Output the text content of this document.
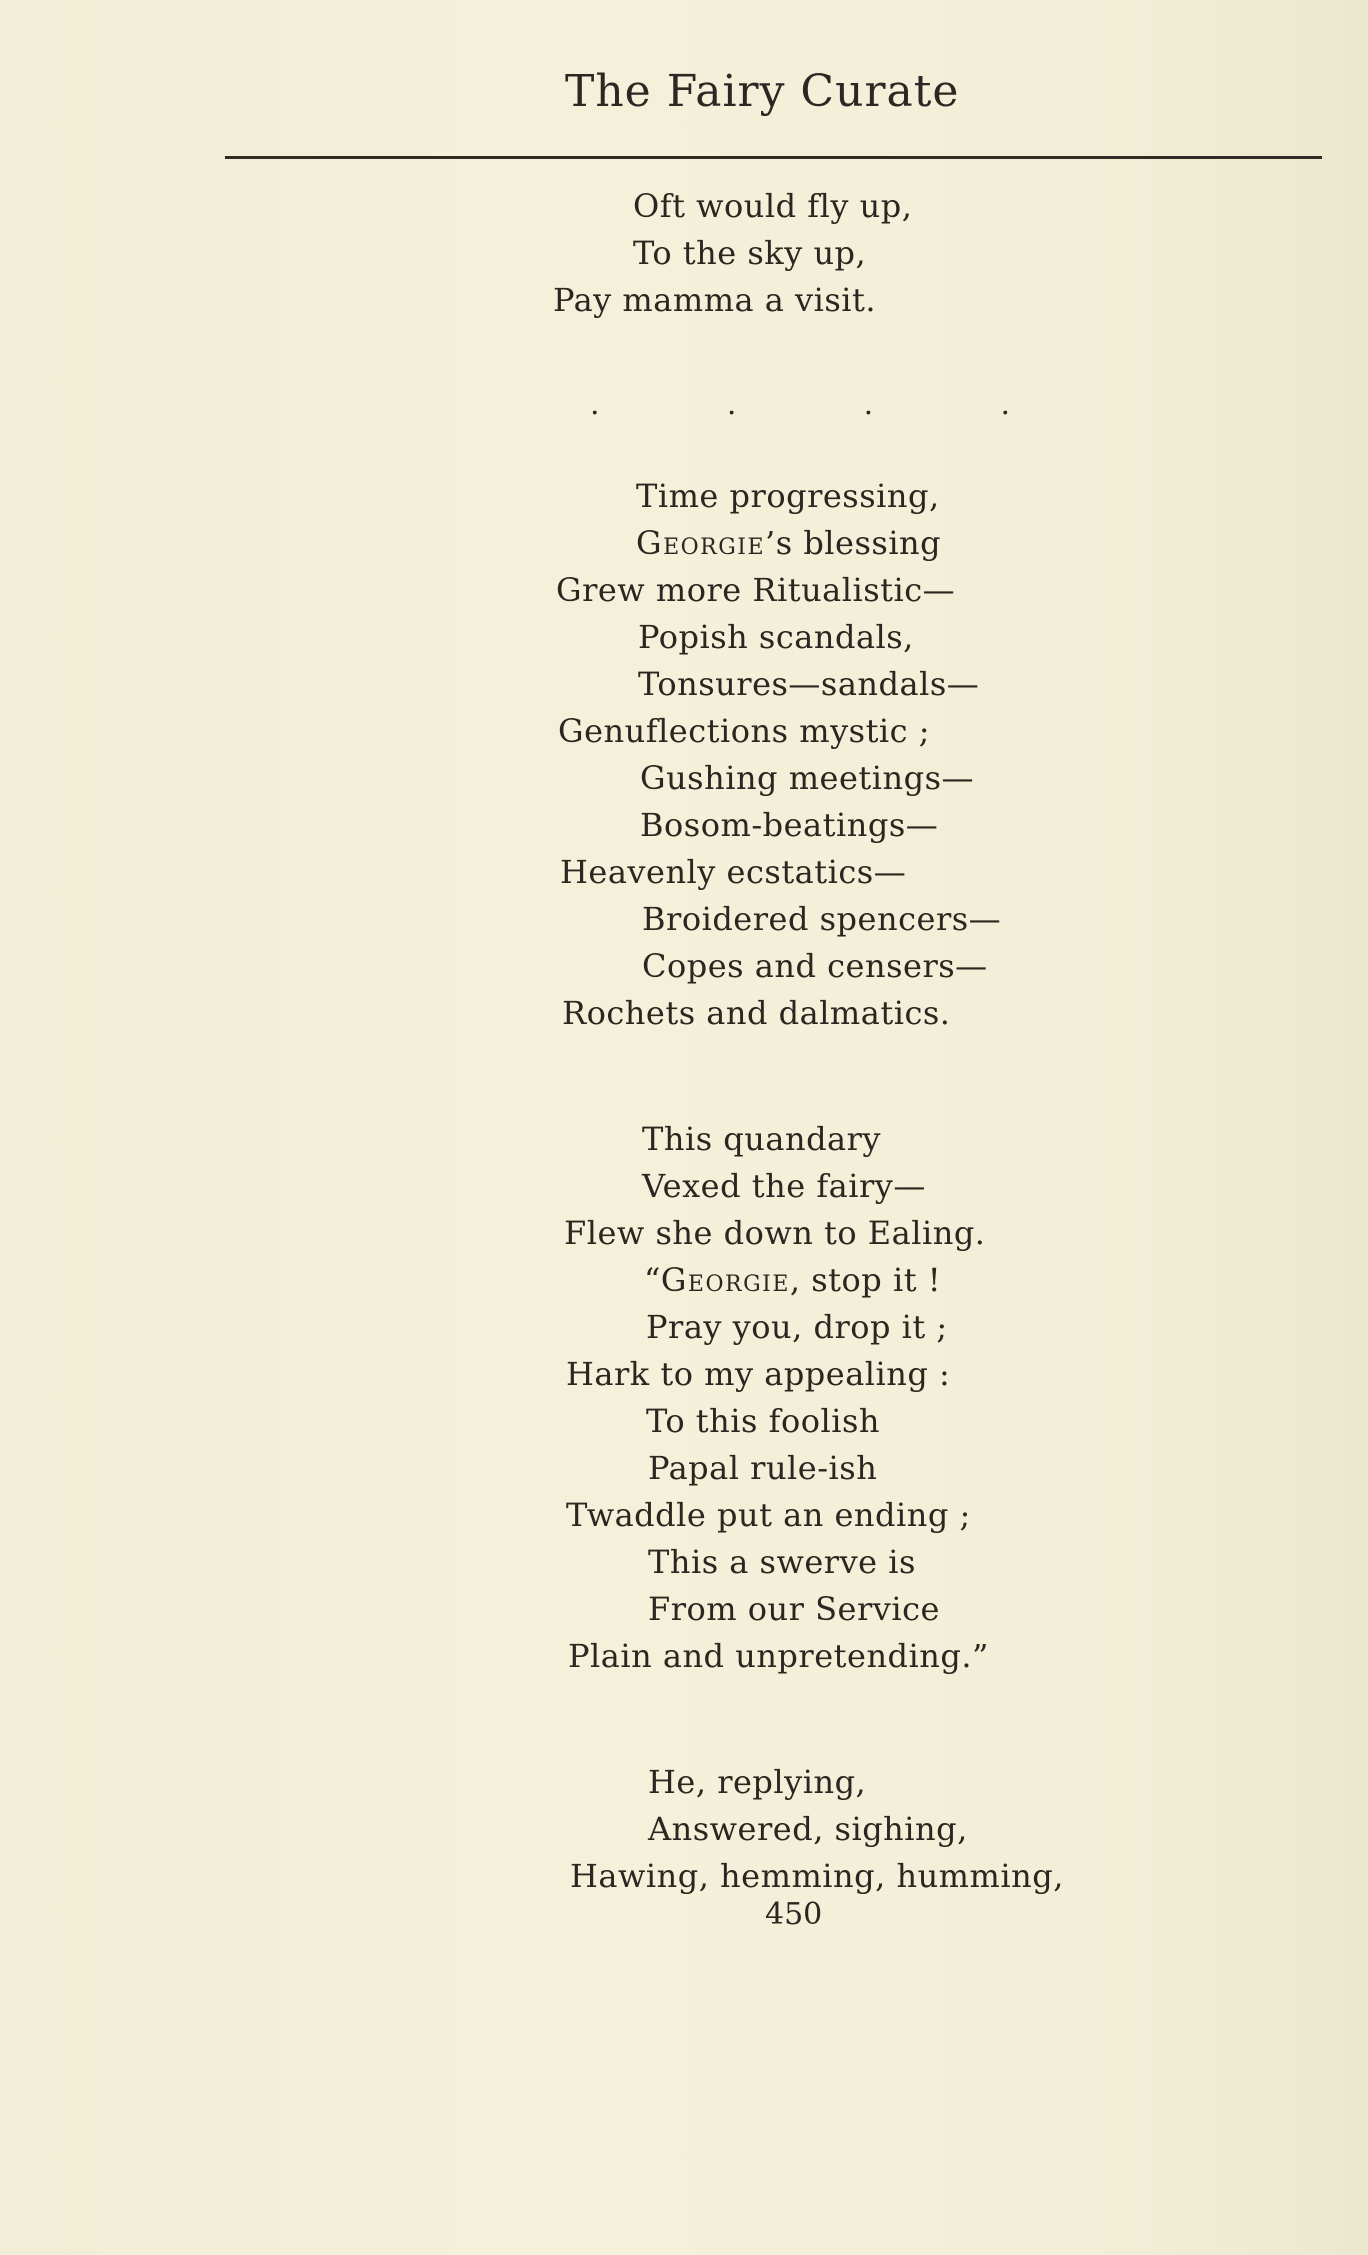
The Fairy Curate
Oft would fly up,
To the sky up,
Pay mamma a visit.
.	.	.	.
Time progressing,
Georgie’s blessing
Grew more Ritualistic—
Popish scandals,
Tonsures—sandals—
Genuflections mystic ;
Gushing meetings—
Bosom-beatings—
Heavenly ecstatics—
Broidered spencers—
Copes and censers—
Rochets and dalmatics.
This quandary
Vexed the fairy—
Flew she down to Ealing.
“Georgie, stop it !
Pray you, drop it ;
Hark to my appealing :
To this foolish
Papal rule-ish
Twaddle put an ending ;
This a swerve is
From our Service
Plain and unpretending.”
He, replying,
Answered, sighing,
Hawing, hemming, humming,
450
